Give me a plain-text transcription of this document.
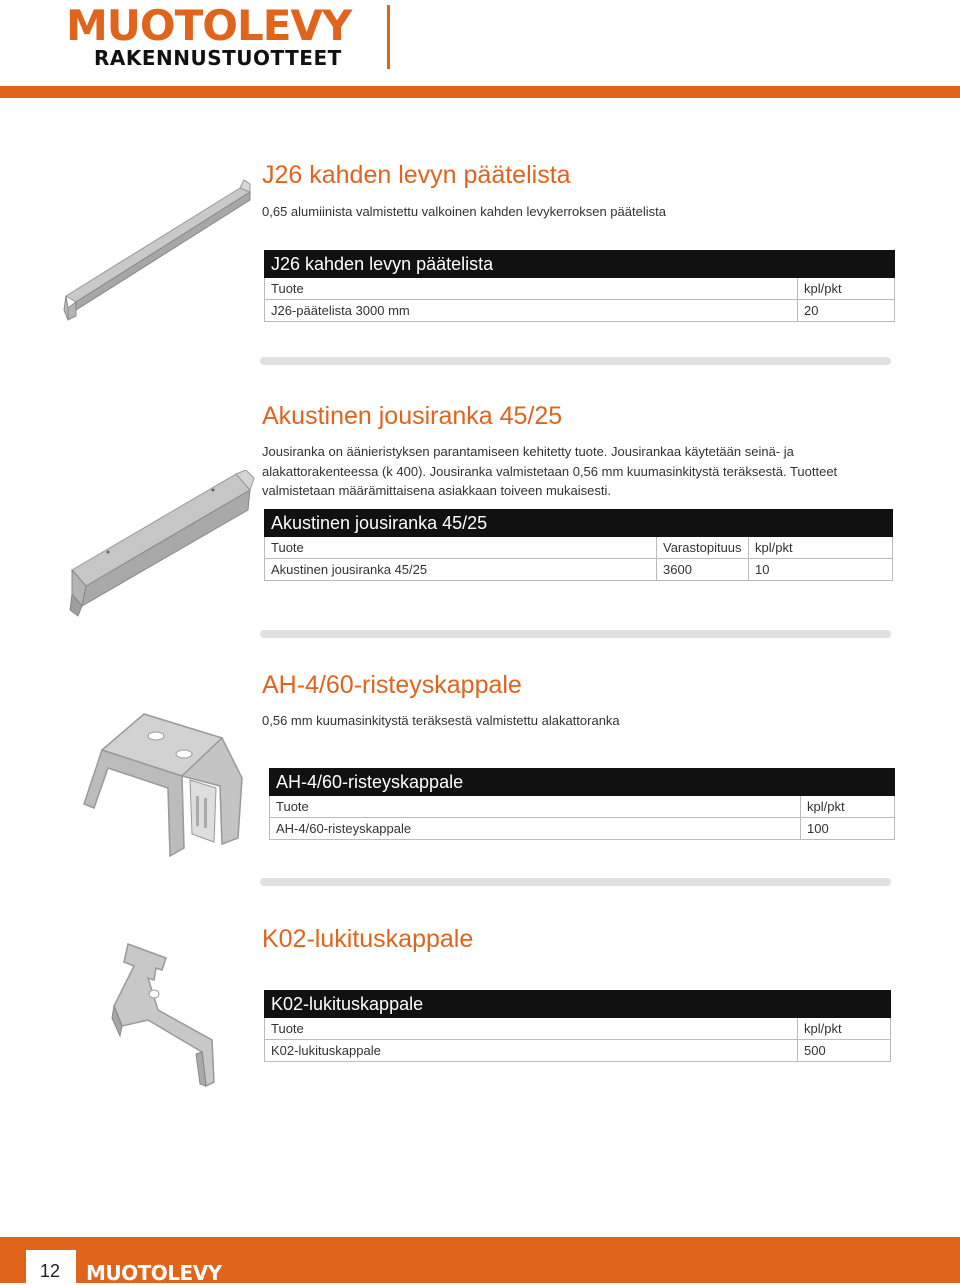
MUOTOLEVY
RAKENNUSTUOTTEET
J26 kahden levyn päätelista
0,65 alumiinista valmistettu valkoinen kahden levykerroksen päätelista
J26 kahden levyn päätelista	
Tuote	kpl/pkt
J26-päätelista 3000 mm	20
Akustinen jousiranka 45/25
Jousiranka on äänieristyksen parantamiseen kehitetty tuote. Jousirankaa käytetään seinä- ja alakattorakenteessa (k 400). Jousiranka valmistetaan 0,56 mm kuumasinkitystä teräksestä. Tuotteet valmistetaan määrämittaisena asiakkaan toiveen mukaisesti.
Akustinen jousiranka 45/25		
Tuote	Varastopituus	kpl/pkt
Akustinen jousiranka 45/25	3600	10
AH-4/60-risteyskappale
0,56 mm kuumasinkitystä teräksestä valmistettu alakattoranka
AH-4/60-risteyskappale	
Tuote	kpl/pkt
AH-4/60-risteyskappale	100
K02-lukituskappale
K02-lukituskappale	
Tuote	kpl/pkt
K02-lukituskappale	500
12 MUOTOLEVY
